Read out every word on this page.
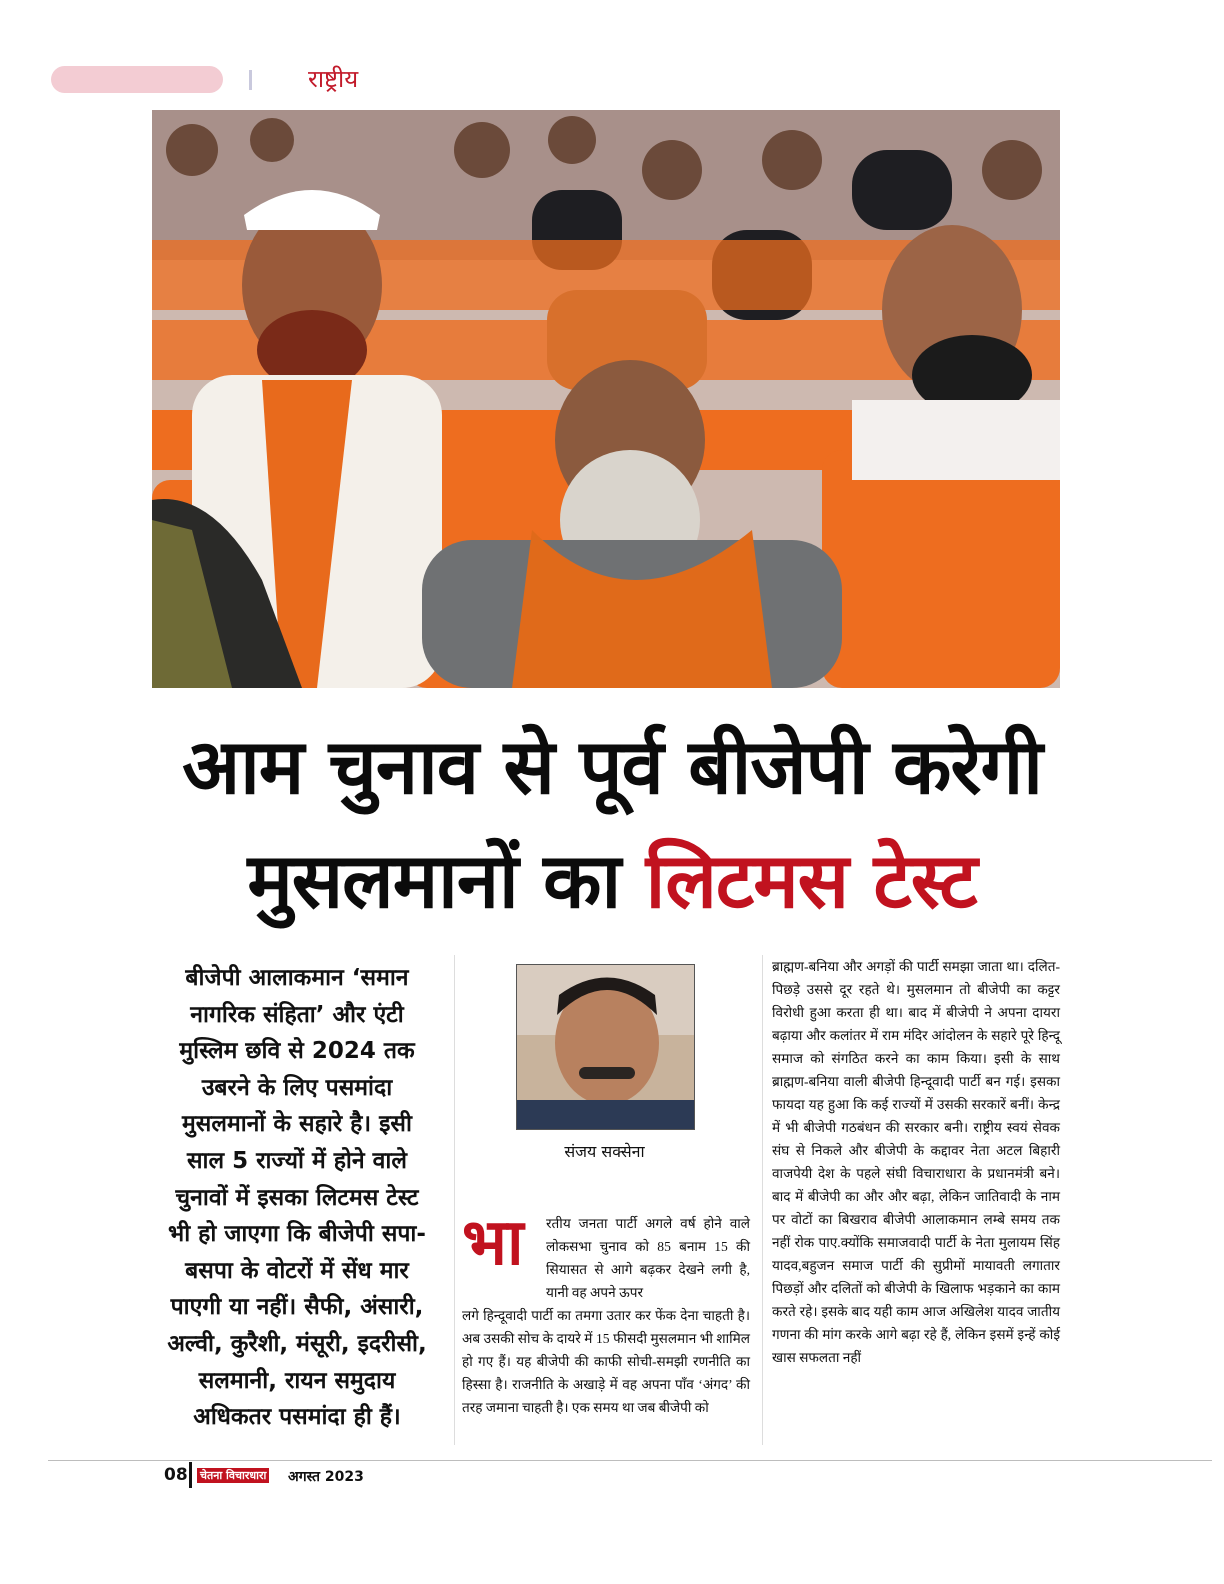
राष्ट्रीय
आम चुनाव से पूर्व बीजेपी करेगी
मुसलमानों का लिटमस टेस्ट
बीजेपी आलाकमान ‘समान
नागरिक संहिता’ और एंटी
मुस्लिम छवि से 2024 तक
उबरने के लिए पसमांदा
मुसलमानों के सहारे है। इसी
साल 5 राज्यों में होने वाले
चुनावों में इसका लिटमस टेस्ट
भी हो जाएगा कि बीजेपी सपा-
बसपा के वोटरों में सेंध मार
पाएगी या नहीं। सैफी, अंसारी,
अल्वी, कुरैशी, मंसूरी, इदरीसी,
सलमानी, रायन समुदाय
अधिकतर पसमांदा ही हैं।
संजय सक्सेना
भा रतीय जनता पार्टी अगले वर्ष होने वाले लोकसभा चुनाव को 85 बनाम 15 की सियासत से आगे बढ़कर देखने लगी है, यानी वह अपने ऊपर
लगे हिन्दूवादी पार्टी का तमगा उतार कर फेंक देना चाहती है। अब उसकी सोच के दायरे में 15 फीसदी मुसलमान भी शामिल हो गए हैं। यह बीजेपी की काफी सोची-समझी रणनीति का हिस्सा है। राजनीति के अखाड़े में वह अपना पाँव ‘अंगद’ की तरह जमाना चाहती है। एक समय था जब बीजेपी को
ब्राह्मण-बनिया और अगड़ों की पार्टी समझा जाता था। दलित-पिछड़े उससे दूर रहते थे। मुसलमान तो बीजेपी का कट्टर विरोधी हुआ करता ही था। बाद में बीजेपी ने अपना दायरा बढ़ाया और कलांतर में राम मंदिर आंदोलन के सहारे पूरे हिन्दू समाज को संगठित करने का काम किया। इसी के साथ ब्राह्मण-बनिया वाली बीजेपी हिन्दूवादी पार्टी बन गई। इसका फायदा यह हुआ कि कई राज्यों में उसकी सरकारें बनीं। केन्द्र में भी बीजेपी गठबंधन की सरकार बनी। राष्ट्रीय स्वयं सेवक संघ से निकले और बीजेपी के कद्दावर नेता अटल बिहारी वाजपेयी देश के पहले संघी विचाराधारा के प्रधानमंत्री बने। बाद में बीजेपी का और और बढ़ा, लेकिन जातिवादी के नाम पर वोटों का बिखराव बीजेपी आलाकमान लम्बे समय तक नहीं रोक पाए.क्योंकि समाजवादी पार्टी के नेता मुलायम सिंह यादव,बहुजन समाज पार्टी की सुप्रीमों मायावती लगातार पिछड़ों और दलितों को बीजेपी के खिलाफ भड़काने का काम करते रहे। इसके बाद यही काम आज अखिलेश यादव जातीय गणना की मांग करके आगे बढ़ा रहे हैं, लेकिन इसमें इन्हें कोई खास सफलता नहीं
08 चेतना विचारधारा अगस्त 2023
